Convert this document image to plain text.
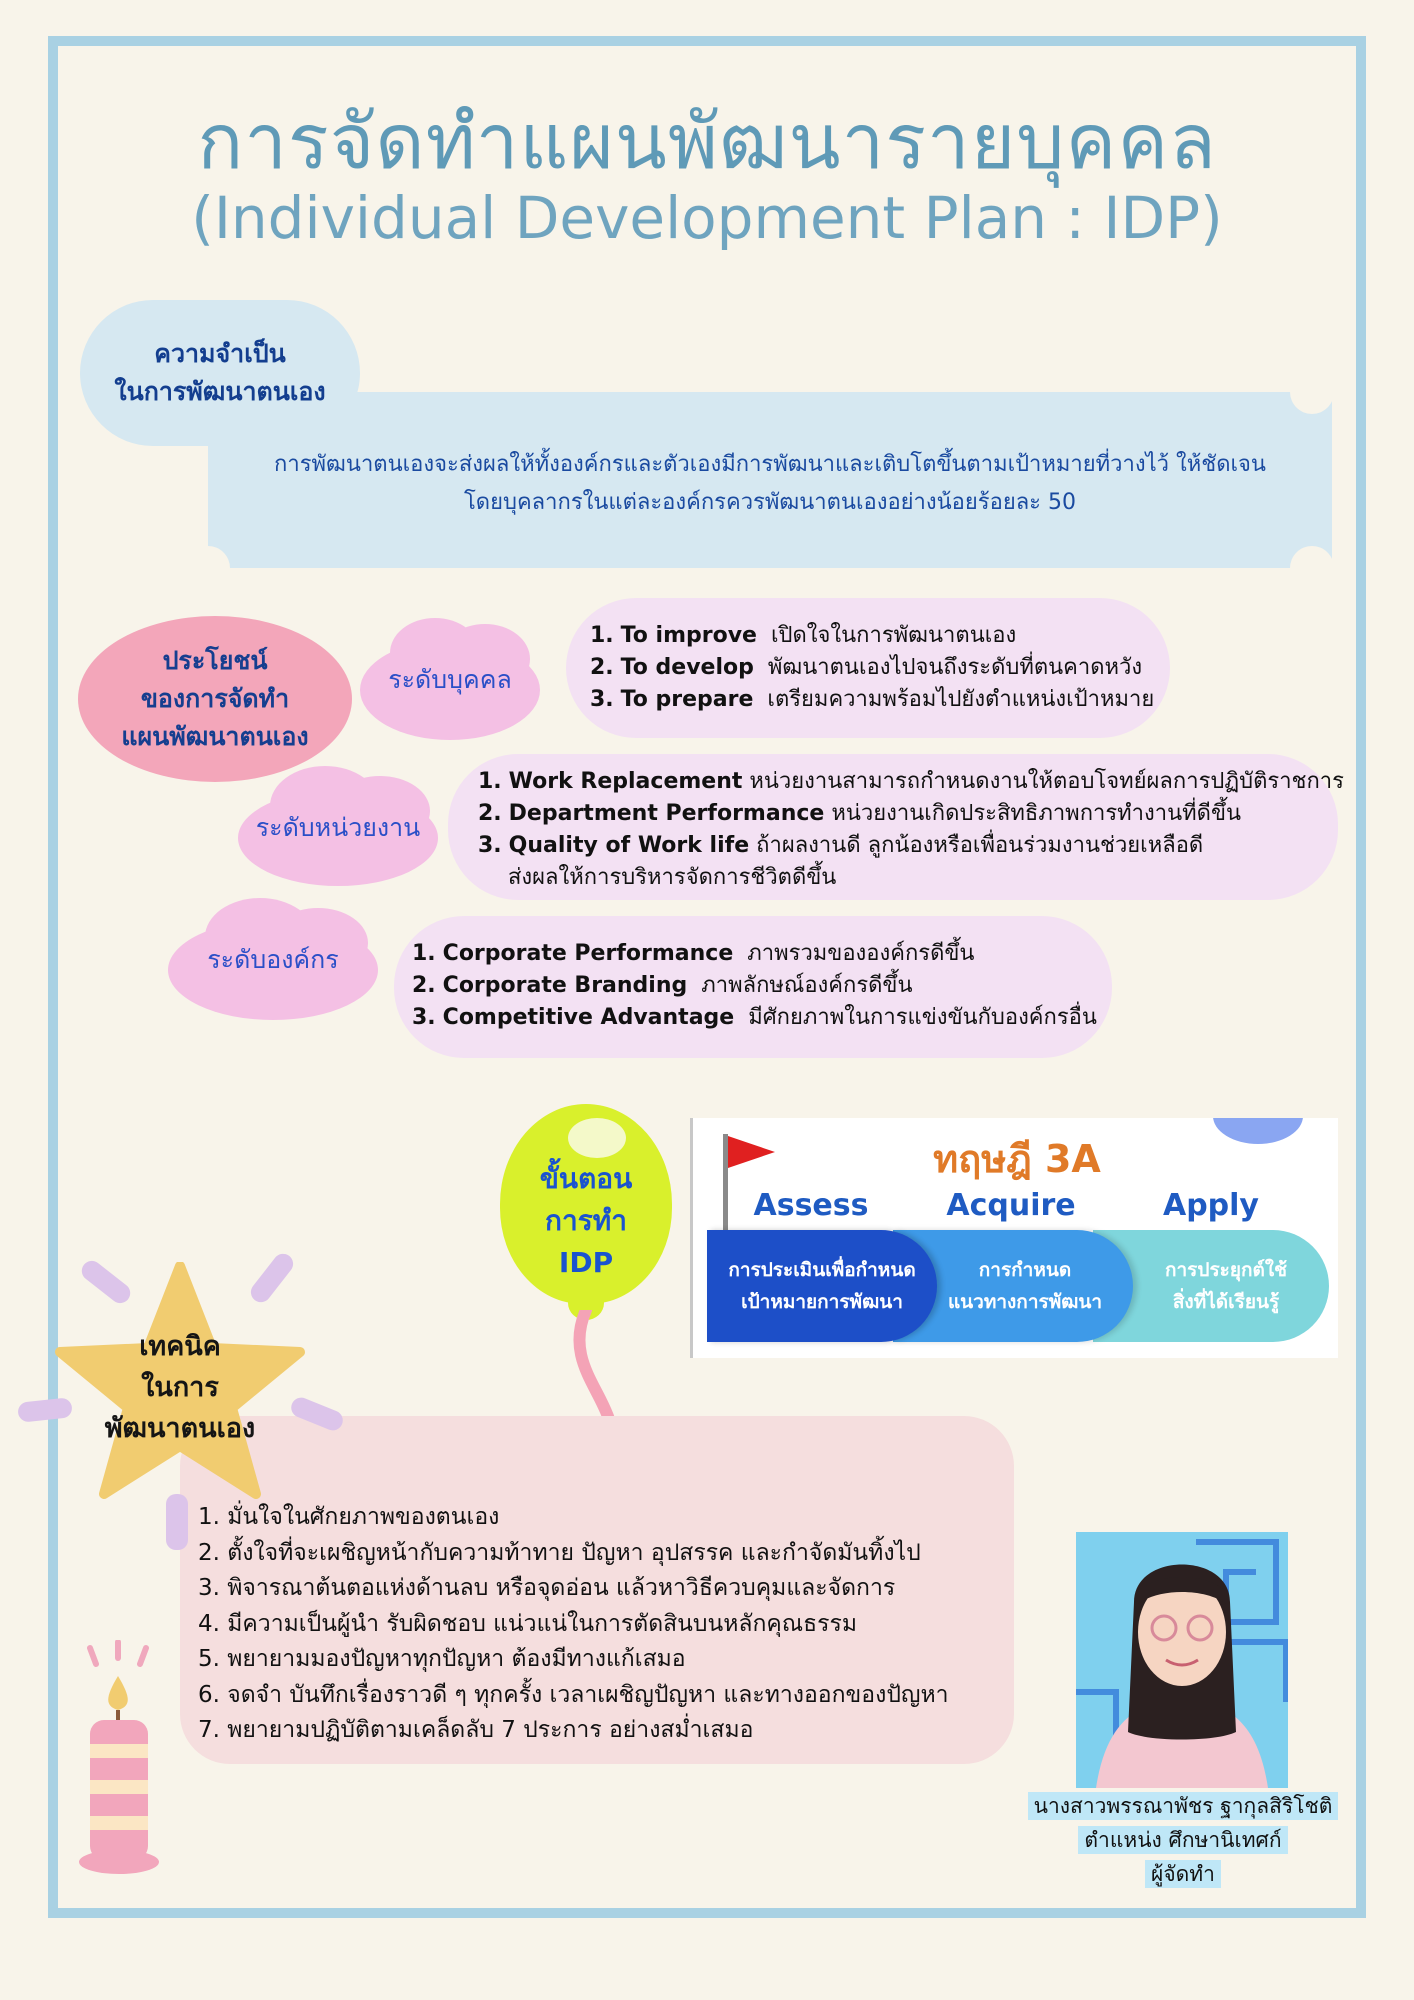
การจัดทำแผนพัฒนารายบุคคล
(Individual Development Plan : IDP)
ความจำเป็น
ในการพัฒนาตนเอง
การพัฒนาตนเองจะส่งผลให้ทั้งองค์กรและตัวเองมีการพัฒนาและเติบโตขึ้นตามเป้าหมายที่วางไว้ ให้ชัดเจน
โดยบุคลากรในแต่ละองค์กรควรพัฒนาตนเองอย่างน้อยร้อยละ 50
ประโยชน์
ของการจัดทำ
แผนพัฒนาตนเอง
ระดับบุคคล
1. To improve เปิดใจในการพัฒนาตนเอง
2. To develop พัฒนาตนเองไปจนถึงระดับที่ตนคาดหวัง
3. To prepare เตรียมความพร้อมไปยังตำแหน่งเป้าหมาย
ระดับหน่วยงาน
1. Work Replacement หน่วยงานสามารถกำหนดงานให้ตอบโจทย์ผลการปฏิบัติราชการ
2. Department Performance หน่วยงานเกิดประสิทธิภาพการทำงานที่ดีขึ้น
3. Quality of Work life ถ้าผลงานดี ลูกน้องหรือเพื่อนร่วมงานช่วยเหลือดี
ส่งผลให้การบริหารจัดการชีวิตดีขึ้น
ระดับองค์กร	1. Corporate Performance ภาพรวมขององค์กรดีขึ้น
2. Corporate Branding ภาพลักษณ์องค์กรดีขึ้น
3. Competitive Advantage มีศักยภาพในการแข่งขันกับองค์กรอื่น
ขั้นตอน
การทำ
IDP
ทฤษฎี 3A
Assess	Acquire	Apply
การประยุกต์ใช้
สิ่งที่ได้เรียนรู้
การกำหนด
แนวทางการพัฒนา
การประเมินเพื่อกำหนด
เป้าหมายการพัฒนา
เทคนิค
ในการ
พัฒนาตนเอง
1. มั่นใจในศักยภาพของตนเอง
2. ตั้งใจที่จะเผชิญหน้ากับความท้าทาย ปัญหา อุปสรรค และกำจัดมันทิ้งไป
3. พิจารณาต้นตอแห่งด้านลบ หรือจุดอ่อน แล้วหาวิธีควบคุมและจัดการ
4. มีความเป็นผู้นำ รับผิดชอบ แน่วแน่ในการตัดสินบนหลักคุณธรรม
5. พยายามมองปัญหาทุกปัญหา ต้องมีทางแก้เสมอ
6. จดจำ บันทึกเรื่องราวดี ๆ ทุกครั้ง เวลาเผชิญปัญหา และทางออกของปัญหา
7. พยายามปฏิบัติตามเคล็ดลับ 7 ประการ อย่างสม่ำเสมอ
นางสาวพรรณาพัชร ฐากุลสิริโชติ
ตำแหน่ง ศึกษานิเทศก์
ผู้จัดทำ
